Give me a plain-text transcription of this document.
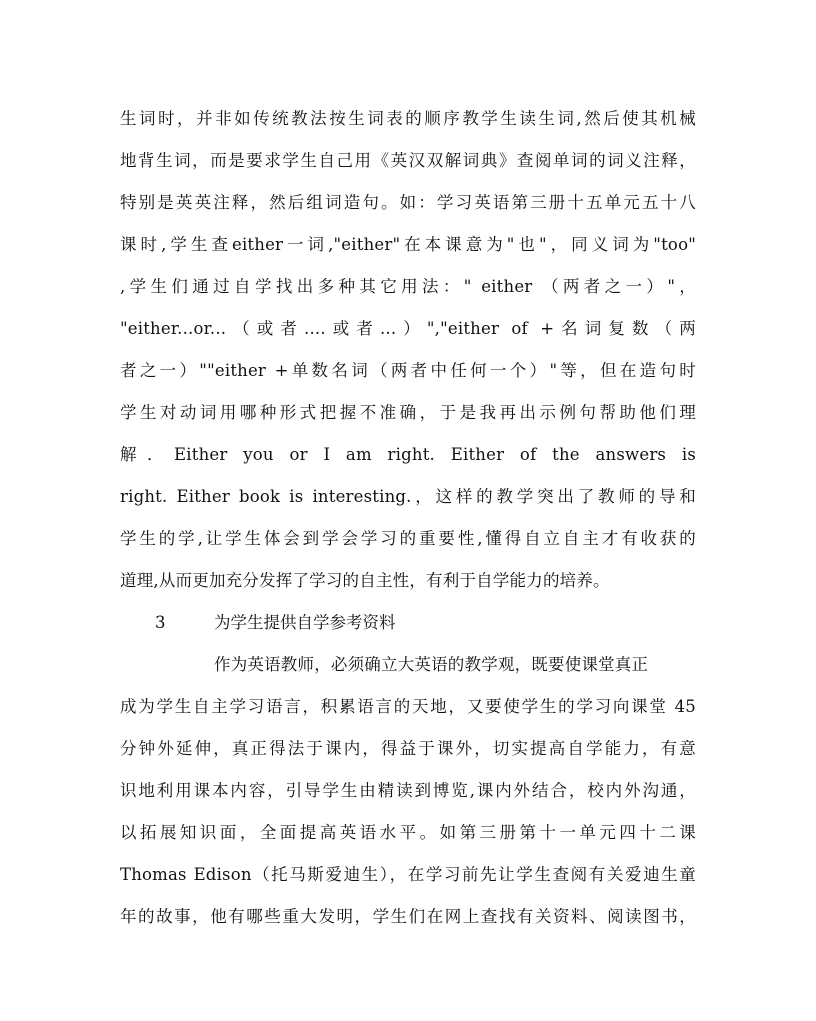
生词时，并非如传统教法按生词表的顺序教学生读生词,然后使其机械
地背生词，而是要求学生自己用《英汉双解词典》查阅单词的词义注释，
特别是英英注释，然后组词造句。如：学习英语第三册十五单元五十八
课时,学生查either一词,"either"在本课意为"也"，同义词为"too"
,学生们通过自学找出多种其它用法：" either （两者之一）"，
"either...or...（或者....或者...）","either of +名词复数（两
者之一）""either +单数名词（两者中任何一个）"等，但在造句时
学生对动词用哪种形式把握不准确，于是我再出示例句帮助他们理
解．Either you or I am right. Either of the answers is
right. Either book is interesting.，这样的教学突出了教师的导和
学生的学,让学生体会到学会学习的重要性,懂得自立自主才有收获的
道理,从而更加充分发挥了学习的自主性，有利于自学能力的培养。
3	为学生提供自学参考资料
作为英语教师，必须确立大英语的教学观，既要使课堂真正
成为学生自主学习语言，积累语言的天地，又要使学生的学习向课堂 45
分钟外延伸，真正得法于课内，得益于课外，切实提高自学能力，有意
识地利用课本内容，引导学生由精读到博览,课内外结合，校内外沟通，
以拓展知识面，全面提高英语水平。如第三册第十一单元四十二课
Thomas Edison（托马斯爱迪生），在学习前先让学生查阅有关爱迪生童
年的故事，他有哪些重大发明，学生们在网上查找有关资料、阅读图书，
